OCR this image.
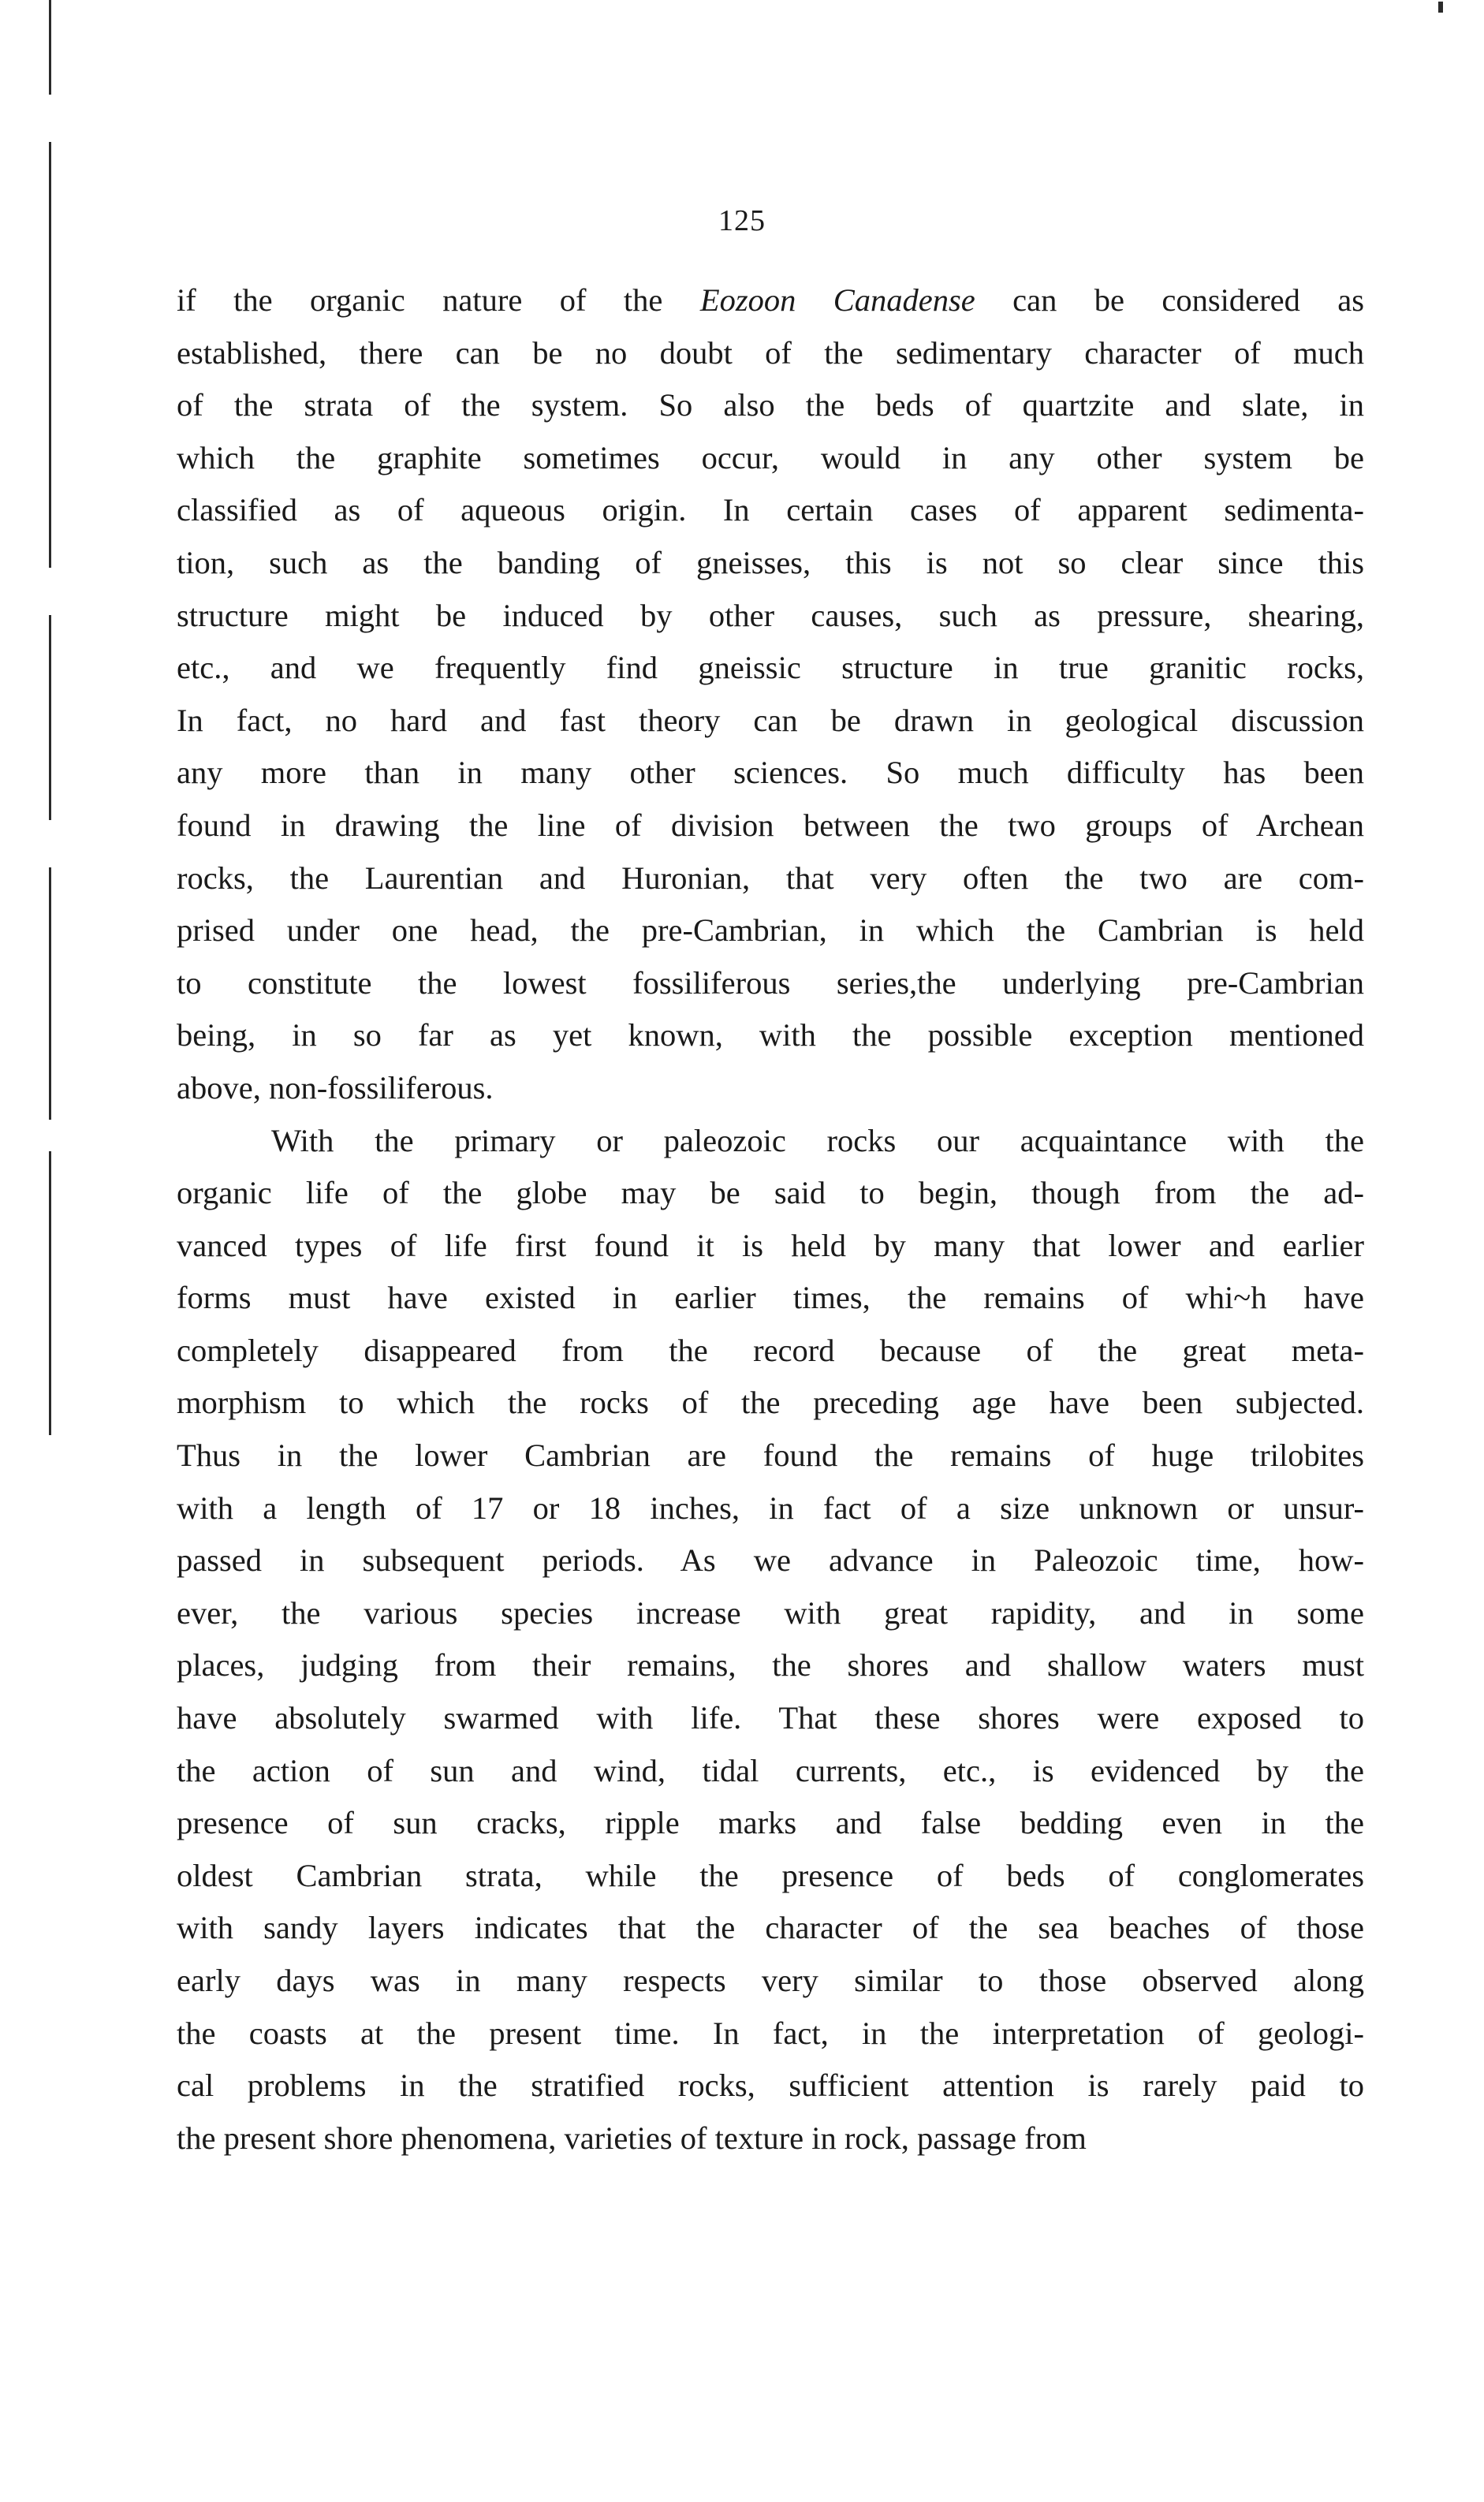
125
if the organic nature of the Eozoon Canadense can be considered as
established, there can be no doubt of the sedimentary character of much
of the strata of the system. So also the beds of quartzite and slate, in
which the graphite sometimes occur, would in any other system be
classified as of aqueous origin. In certain cases of apparent sedimenta-
tion, such as the banding of gneisses, this is not so clear since this
structure might be induced by other causes, such as pressure, shearing,
etc., and we frequently find gneissic structure in true granitic rocks,
In fact, no hard and fast theory can be drawn in geological discussion
any more than in many other sciences. So much difficulty has been
found in drawing the line of division between the two groups of Archean
rocks, the Laurentian and Huronian, that very often the two are com-
prised under one head, the pre-Cambrian, in which the Cambrian is held
to constitute the lowest fossiliferous series,the underlying pre-Cambrian
being, in so far as yet known, with the possible exception mentioned
above, non-fossiliferous.
With the primary or paleozoic rocks our acquaintance with the
organic life of the globe may be said to begin, though from the ad-
vanced types of life first found it is held by many that lower and earlier
forms must have existed in earlier times, the remains of whi~h have
completely disappeared from the record because of the great meta-
morphism to which the rocks of the preceding age have been subjected.
Thus in the lower Cambrian are found the remains of huge trilobites
with a length of 17 or 18 inches, in fact of a size unknown or unsur-
passed in subsequent periods. As we advance in Paleozoic time, how-
ever, the various species increase with great rapidity, and in some
places, judging from their remains, the shores and shallow waters must
have absolutely swarmed with life. That these shores were exposed to
the action of sun and wind, tidal currents, etc., is evidenced by the
presence of sun cracks, ripple marks and false bedding even in the
oldest Cambrian strata, while the presence of beds of conglomerates
with sandy layers indicates that the character of the sea beaches of those
early days was in many respects very similar to those observed along
the coasts at the present time. In fact, in the interpretation of geologi-
cal problems in the stratified rocks, sufficient attention is rarely paid to
the present shore phenomena, varieties of texture in rock, passage from
